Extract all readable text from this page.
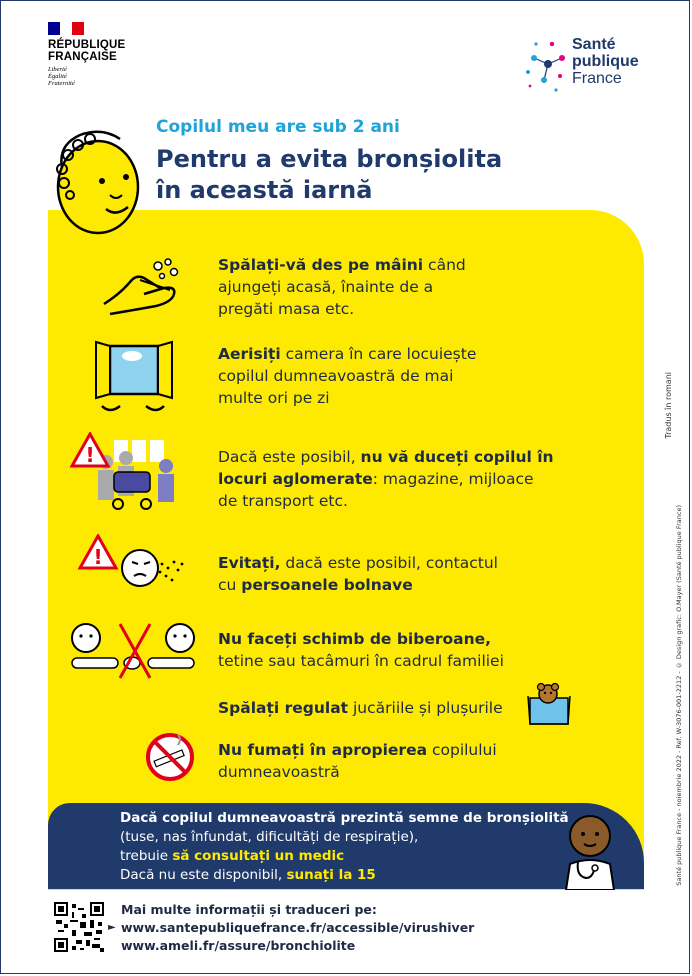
RÉPUBLIQUE
FRANÇAISE
Liberté
Égalité
Fraternité
Santé
publique
France
Copilul meu are sub 2 ani
Pentru a evita bronșiolita
în această iarnă
Spălați-vă des pe mâini când
ajungeți acasă, înainte de a
pregăti masa etc.
Aerisiți camera în care locuiește
copilul dumneavoastră de mai
multe ori pe zi
!	Dacă este posibil, nu vă duceți copilul în
locuri aglomerate: magazine, mijloace
de transport etc.
!	Evitați, dacă este posibil, contactul
cu persoanele bolnave
Nu faceți schimb de biberoane,
tetine sau tacâmuri în cadrul familiei
Spălați regulat jucăriile și plușurile
Nu fumați în apropierea copilului
dumneavoastră
Dacă copilul dumneavoastră prezintă semne de bronșiolită
(tuse, nas înfundat, dificultăți de respirație),
trebuie să consultați un medic
Dacă nu este disponibil, sunați la 15
Mai multe informații și traduceri pe:
► www.santepubliquefrance.fr/accessible/virushiver
www.ameli.fr/assure/bronchiolite
Tradus în romani
Santé publique France - noiembrie 2022 - Ref. W-3076-001-2212 - © Design grafic: O.Mayer (Santé publique France)
